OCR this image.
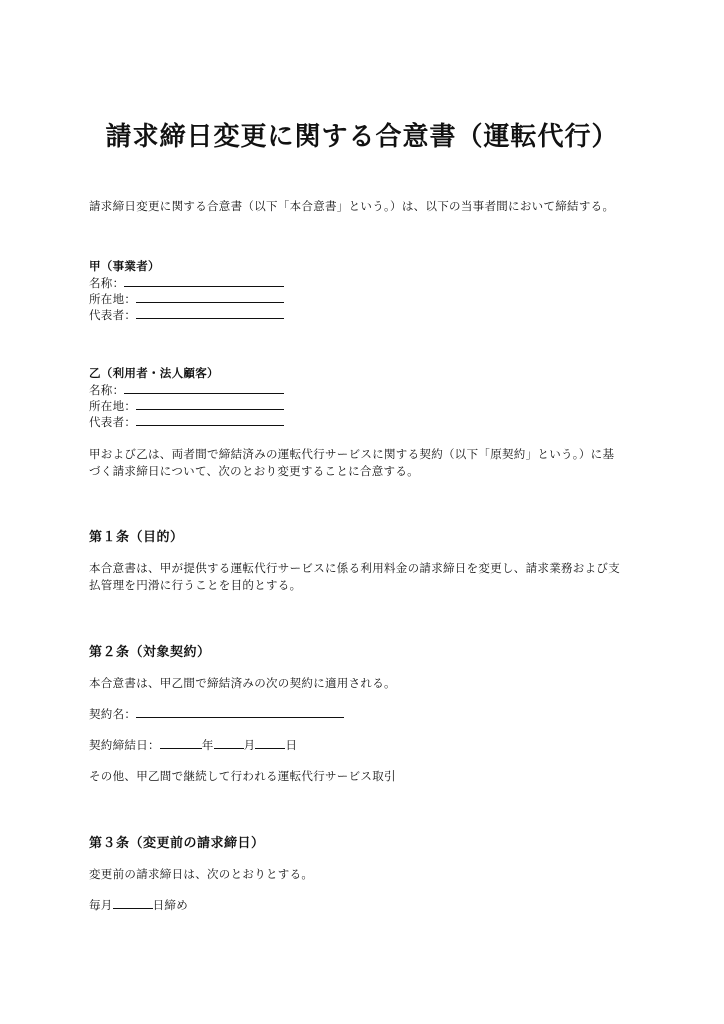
請求締日変更に関する合意書（運転代行）
請求締日変更に関する合意書（以下「本合意書」という。）は、以下の当事者間において締結する。
甲（事業者）
名称：
所在地：
代表者：
乙（利用者・法人顧客）
名称：
所在地：
代表者：
甲および乙は、両者間で締結済みの運転代行サービスに関する契約（以下「原契約」という。）に基
づく請求締日について、次のとおり変更することに合意する。
第１条（目的）
本合意書は、甲が提供する運転代行サービスに係る利用料金の請求締日を変更し、請求業務および支
払管理を円滑に行うことを目的とする。
第２条（対象契約）
本合意書は、甲乙間で締結済みの次の契約に適用される。
契約名：
契約締結日：	年	月	日
その他、甲乙間で継続して行われる運転代行サービス取引
第３条（変更前の請求締日）
変更前の請求締日は、次のとおりとする。
毎月	日締め
